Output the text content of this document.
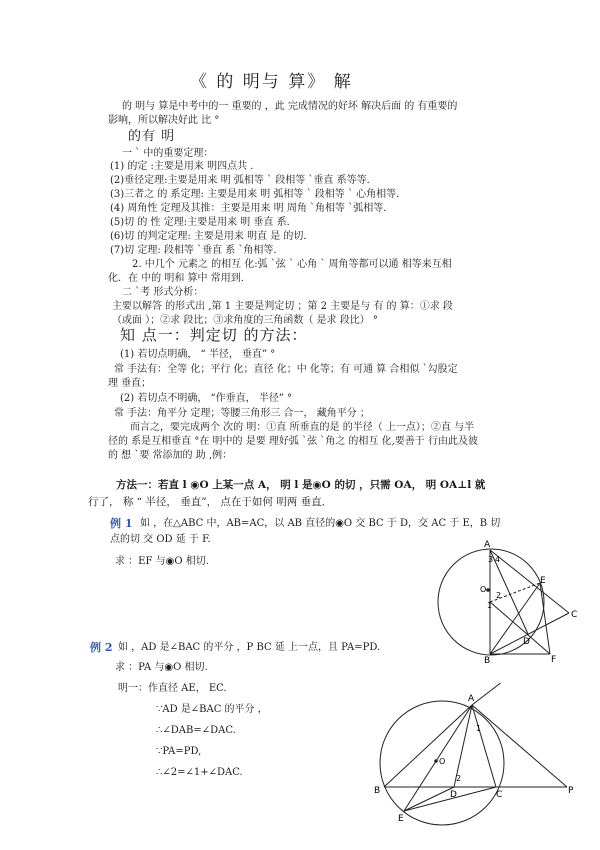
《 的 明与 算》 解
的 明与 算是中考中的一 重要的 ，此 完成情况的好坏 解决后面 的 有重要的
影响，所以解决好此 比 °
的有 明
一 ` 中的重要定理：
(1) 的定 :主要是用来 明四点共 ．
(2)垂径定理:主要是用来 明 弧相等 ` 段相等 `垂直 系等等．
(3)三者之 的 系定理: 主要是用来 明 弧相等 ` 段相等 ` 心角相等．
(4) 周角性 定理及其推：主要是用来 明 周角 `角相等 `弧相等．
(5)切 的 性 定理:主要是用来 明 垂直 系．
(6)切 的判定定理: 主要是用来 明直 是 的切．
(7)切 定理: 段相等 `垂直 系 `角相等．
2. 中几个 元素之 的相互 化:弧 `弦 ` 心角 ` 周角等都可以通 相等来互相
化．在 中的 明和 算中 常用到．
二 `考 形式分析：
主要以解答 的形式出 ,第 1 主要是判定切 ；第 2 主要是与 有 的 算：①求 段
（或面 ）；②求 段比；③求角度的三角函数（ 是求 段比） °
知 点一：判定切 的方法：
(1) 若切点明确， “ 半径， 垂直” °
常 手法有：全等 化；平行 化；直径 化；中 化等；有 可通 算 合相似 `勾股定
理 垂直；
(2) 若切点不明确， “作垂直， 半径” °
常 手法：角平分 定理；等腰三角形三 合一， 藏角平分 ；
而言之，要完成两个 次的 明：①直 所垂直的是 的半径（ 上一点）；②直 与半
径的 系是互相垂直 °在 明中的 是要 理好弧 `弦 `角之 的相互 化,要善于 行由此及彼
的 想 `要 常添加的 助 ,例：
方法一：若直 l ◉O 上某一点 A， 明 l 是◉O 的切 ，只需 OA， 明 OA⊥l 就
行了， 称 “ 半径， 垂直”， 点在于如何 明两 垂直．
例 1 如 ，在△ABC 中，AB=AC，以 AB 直径的◉O 交 BC 于 D，交 AC 于 E，B 切
点的切 交 OD 延 于 F.
求 ：EF 与◉O 相切.
A
B
C
D
E
F
O
1
2
3 4
例 2 如 ，AD 是∠BAC 的平分 ，P BC 延 上一点，且 PA=PD.
求 ：PA 与◉O 相切.
明一：作直径 AE， EC.
∵AD 是∠BAC 的平分 ，
∴∠DAB=∠DAC.
∵PA=PD,
∴∠2=∠1+∠DAC.
A
B	C
D
E
P
O
1
2
